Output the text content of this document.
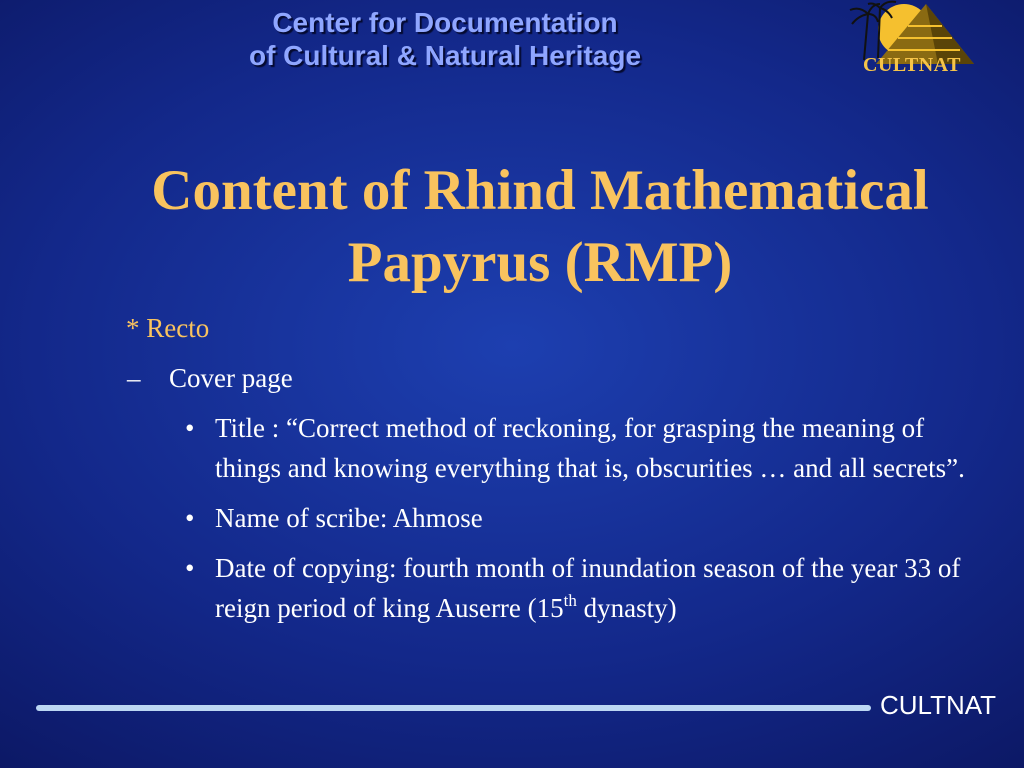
Center for Documentation
of Cultural & Natural Heritage	CULTNAT
Content of Rhind Mathematical
Papyrus (RMP)
* Recto
– Cover page
• Title : “Correct method of reckoning, for grasping the meaning of things and knowing everything that is, obscurities … and all secrets”.
• Name of scribe: Ahmose
• Date of copying: fourth month of inundation season of the year 33 of reign period of king Auserre (15th dynasty)
CULTNAT
